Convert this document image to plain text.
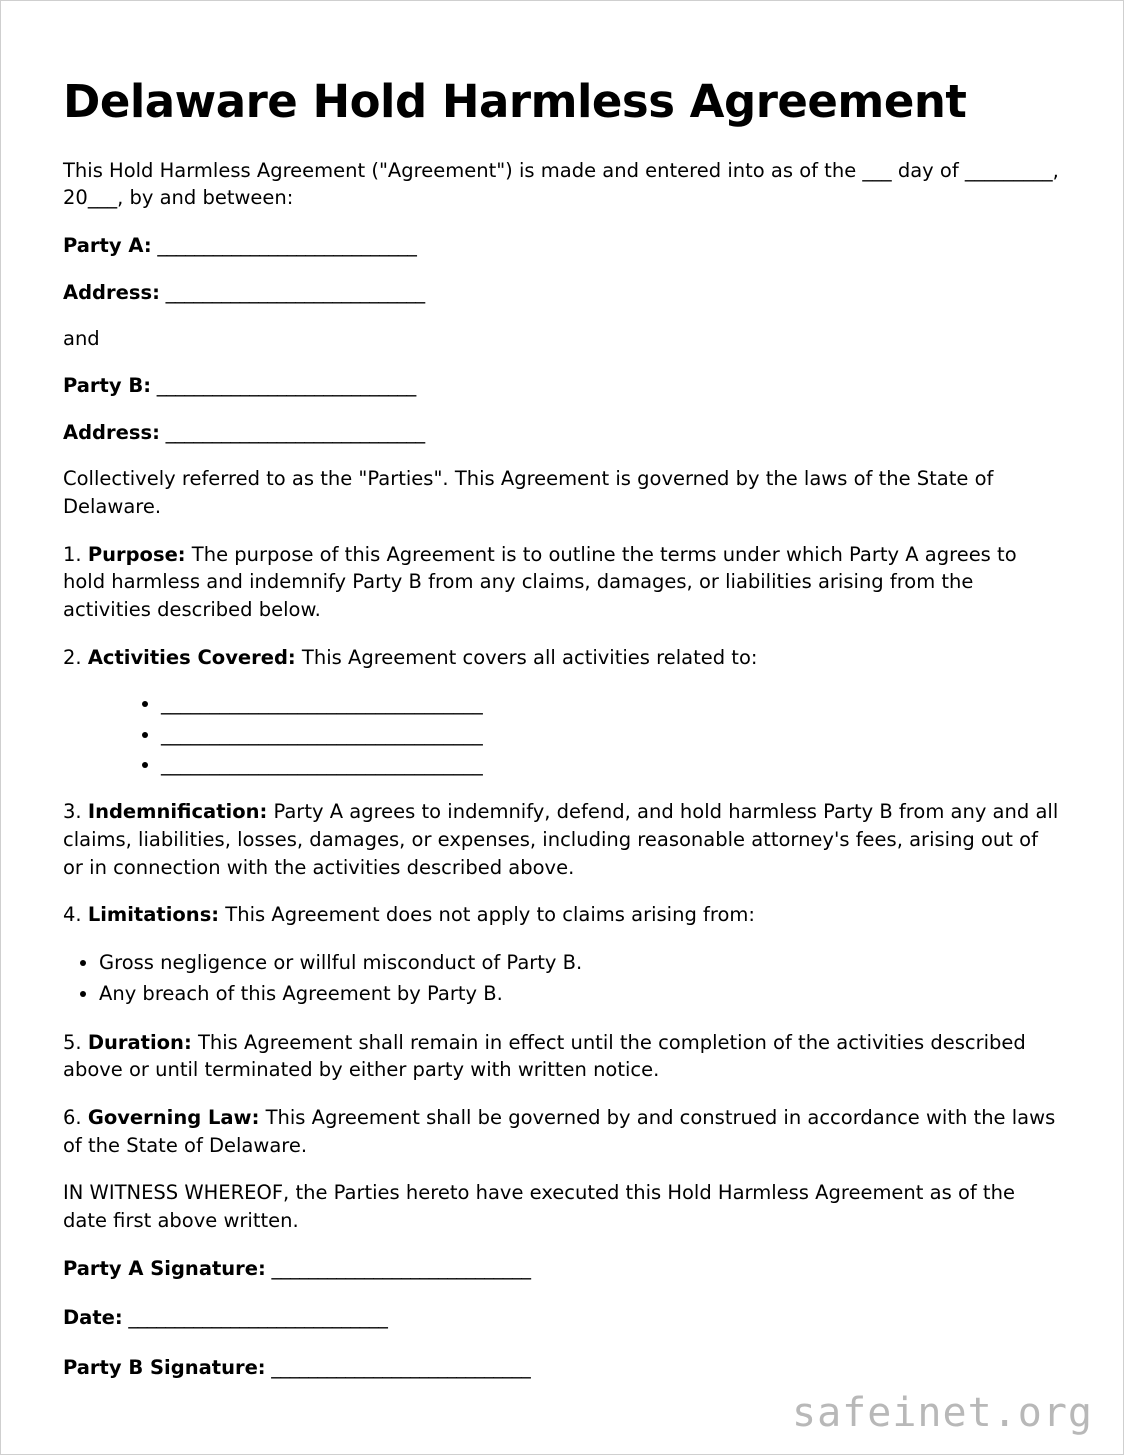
Delaware Hold Harmless Agreement

This Hold Harmless Agreement ("Agreement") is made and entered into as of the ___ day of _________, 20___, by and between:

Party A: ____________________________

Address: ____________________________

and

Party B: ____________________________

Address: ____________________________

Collectively referred to as the "Parties". This Agreement is governed by the laws of the State of Delaware.

1. Purpose: The purpose of this Agreement is to outline the terms under which Party A agrees to hold harmless and indemnify Party B from any claims, damages, or liabilities arising from the activities described below.

2. Activities Covered: This Agreement covers all activities related to:

• _________________________________
• _________________________________
• _________________________________

3. Indemnification: Party A agrees to indemnify, defend, and hold harmless Party B from any and all claims, liabilities, losses, damages, or expenses, including reasonable attorney's fees, arising out of or in connection with the activities described above.

4. Limitations: This Agreement does not apply to claims arising from:

• Gross negligence or willful misconduct of Party B.
• Any breach of this Agreement by Party B.

5. Duration: This Agreement shall remain in effect until the completion of the activities described above or until terminated by either party with written notice.

6. Governing Law: This Agreement shall be governed by and construed in accordance with the laws of the State of Delaware.

IN WITNESS WHEREOF, the Parties hereto have executed this Hold Harmless Agreement as of the date first above written.

Party A Signature: ____________________________

Date: ____________________________

Party B Signature: ____________________________

safeinet.org
